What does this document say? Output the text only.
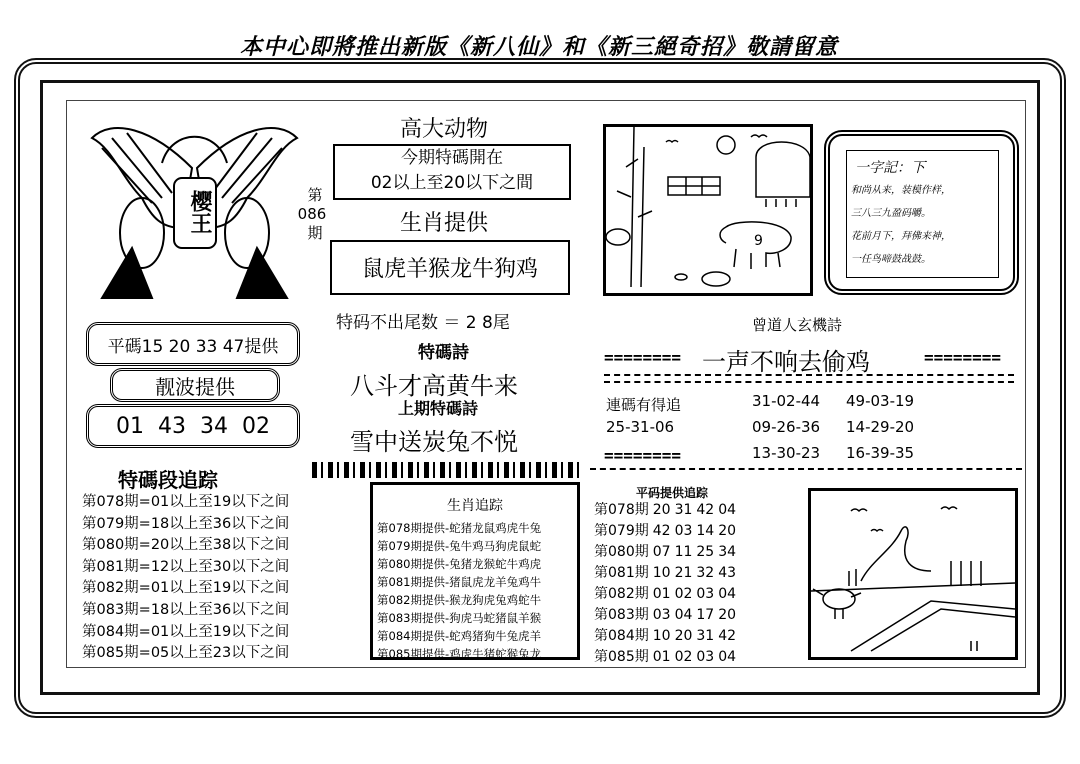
本中心即將推出新版《新八仙》和《新三絕奇招》敬請留意
樱王	第
086
期
高大动物
今期特碼開在
02以上至20以下之間
生肖提供
鼠虎羊猴龙牛狗鸡
特码不出尾数 ＝ 2 8尾
特碼詩
八斗才高黄牛来
上期特碼詩
雪中送炭兔不悦
平碼15 20 33 47提供
靓波提供
01 43 34 02
9
一字記：下
和尚从来，装模作样，
三八三九盈码嚼。
花前月下，拜佛来神，
一任鸟啼鼓战鼓。
曾道人玄機詩
======== 一声不响去偷鸡	========
連碼有得追	31-02-44 49-03-19
25-31-06	09-26-36 14-29-20
========	13-30-23 16-39-35
特碼段追踪
第078期=01以上至19以下之间
第079期=18以上至36以下之间
第080期=20以上至38以下之间
第081期=12以上至30以下之间
第082期=01以上至19以下之间
第083期=18以上至36以下之间
第084期=01以上至19以下之间
第085期=05以上至23以下之间
生肖追踪
第078期提供-蛇猪龙鼠鸡虎牛兔
第079期提供-兔牛鸡马狗虎鼠蛇
第080期提供-兔猪龙猴蛇牛鸡虎
第081期提供-猪鼠虎龙羊兔鸡牛
第082期提供-猴龙狗虎兔鸡蛇牛
第083期提供-狗虎马蛇猪鼠羊猴
第084期提供-蛇鸡猪狗牛兔虎羊
第085期提供-鸡虎牛猪蛇猴兔龙
平码提供追踪
第078期	20	31	42	04
第079期	42	03	14	20
第080期	07	11	25	34
第081期	10	21	32	43
第082期	01	02	03	04
第083期	03	04	17	20
第084期	10	20	31	42
第085期	01	02	03	04
